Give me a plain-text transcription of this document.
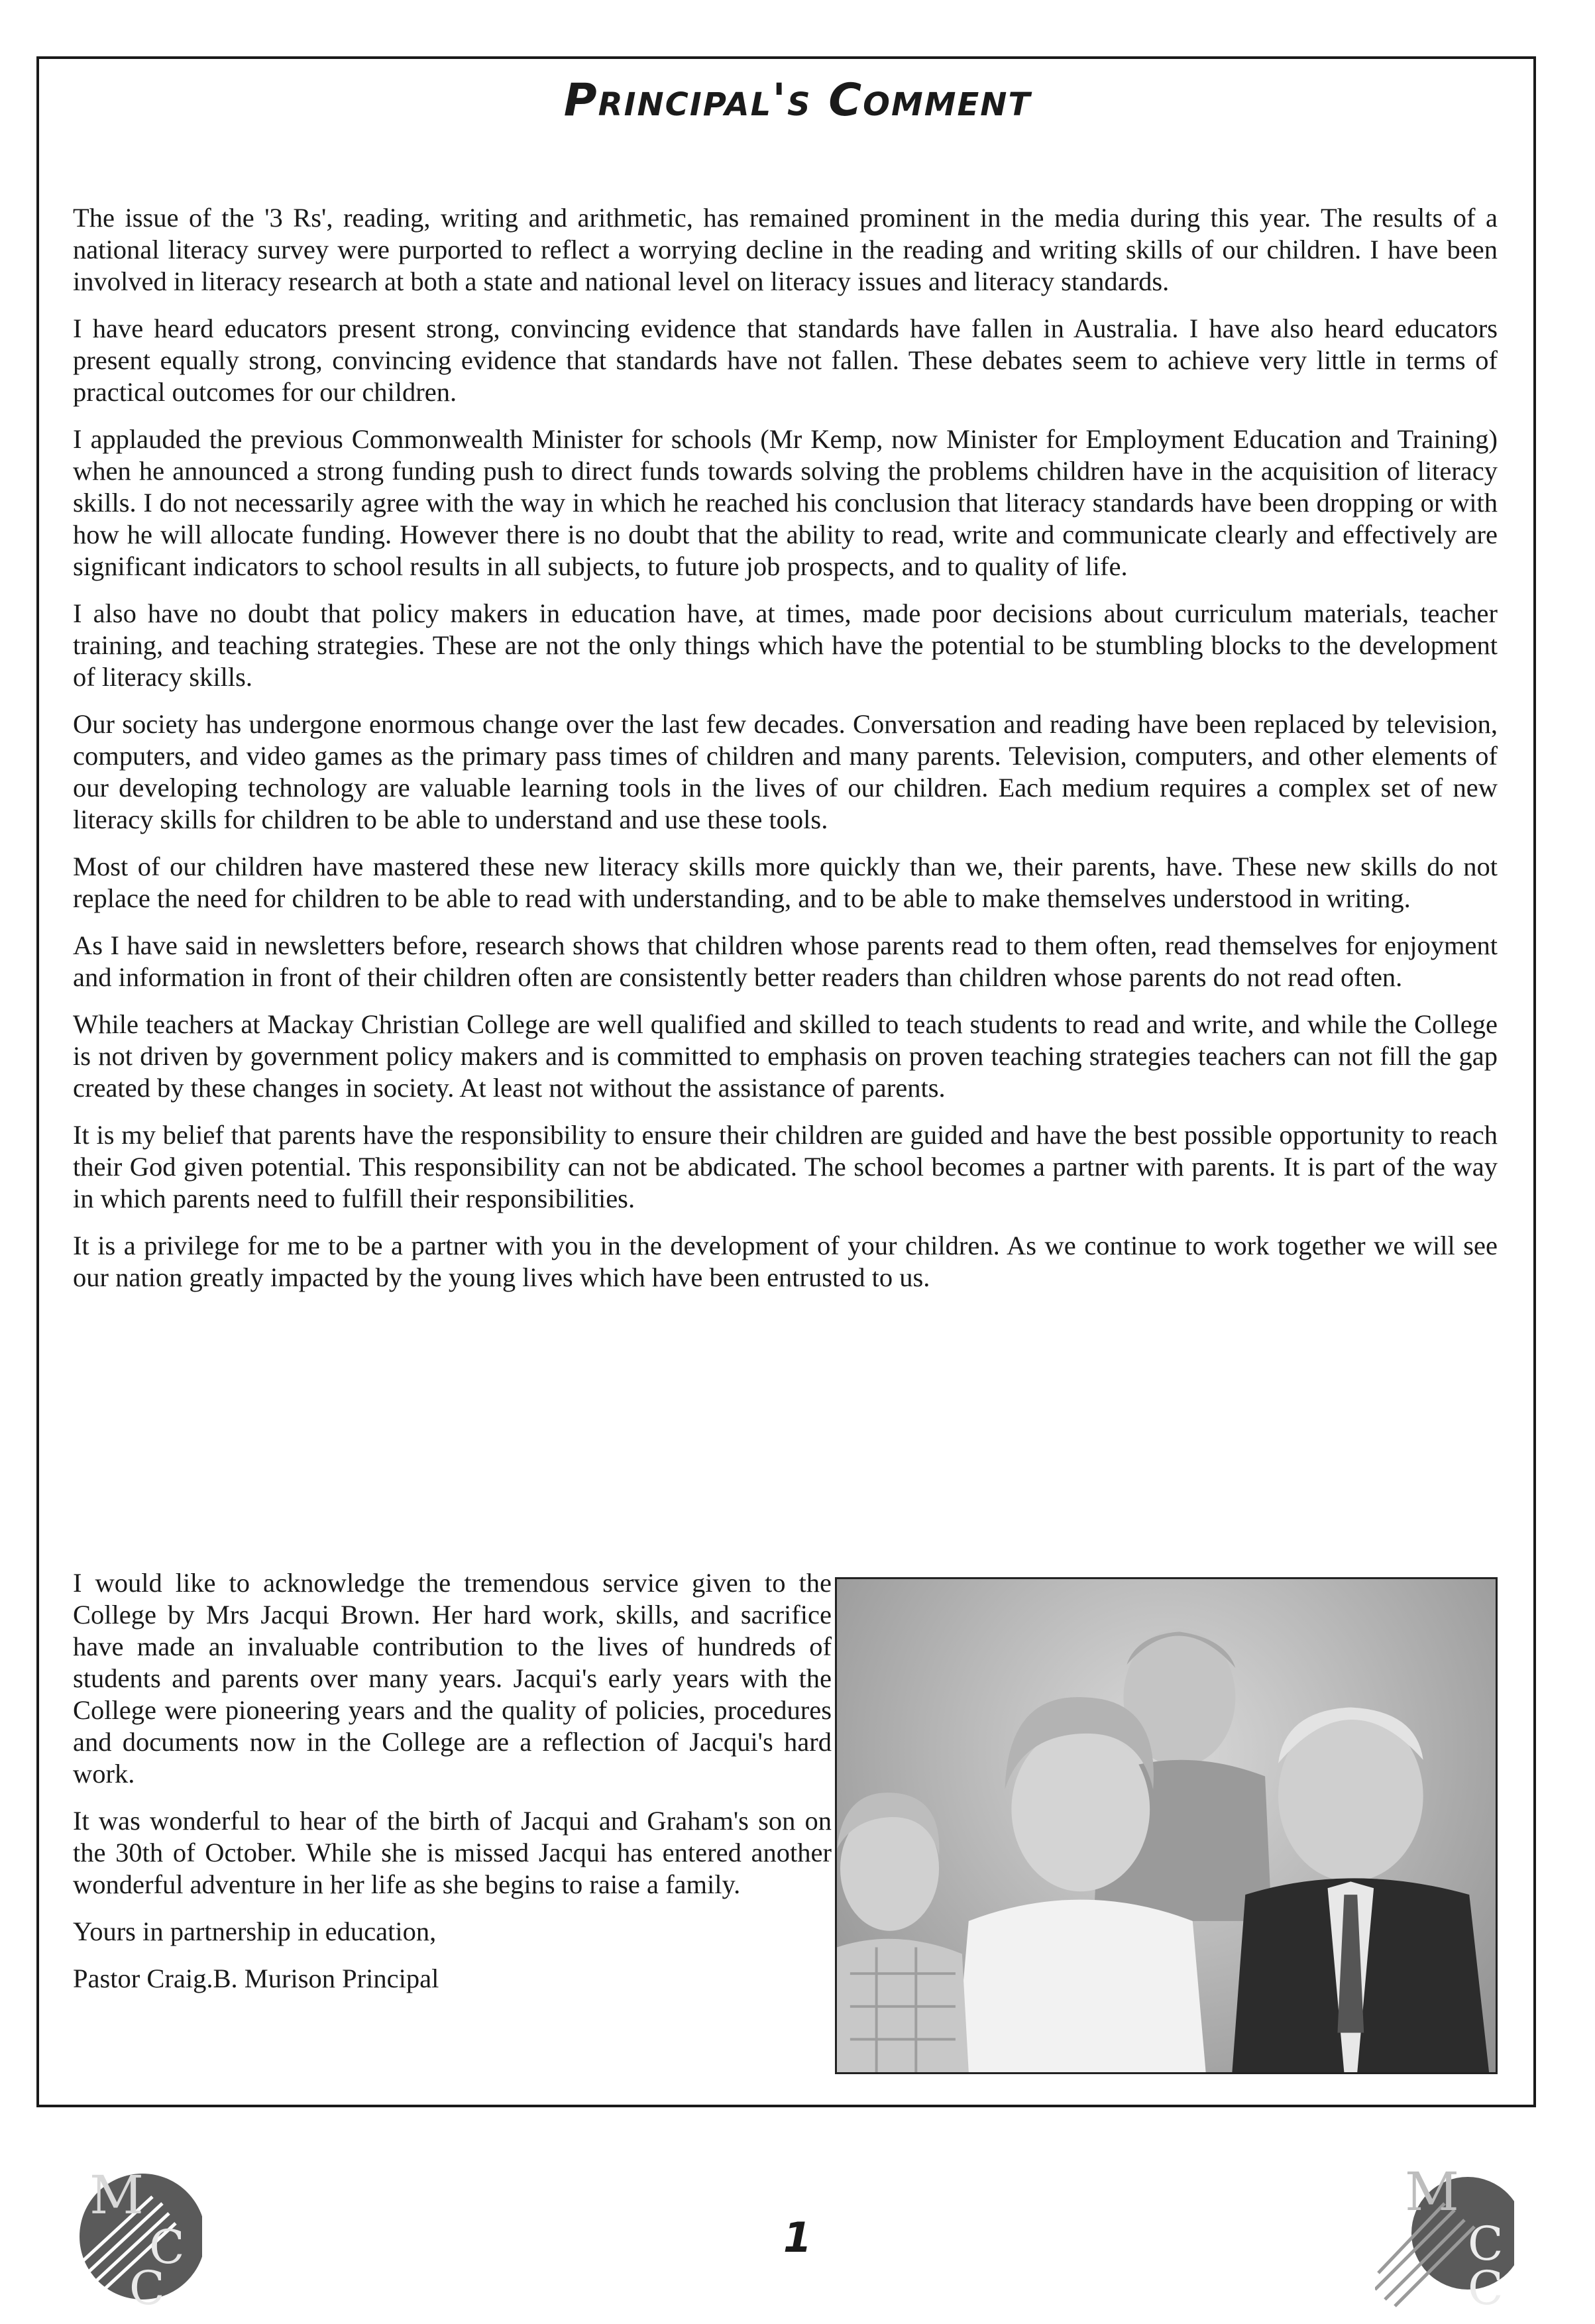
Principal's Comment

The issue of the '3 Rs', reading, writing and arithmetic, has remained prominent in the media during this year. The results of a national literacy survey were purported to reflect a worrying decline in the reading and writing skills of our children. I have been involved in literacy research at both a state and national level on literacy issues and literacy standards.

I have heard educators present strong, convincing evidence that standards have fallen in Australia. I have also heard educators present equally strong, convincing evidence that standards have not fallen. These debates seem to achieve very little in terms of practical outcomes for our children.

I applauded the previous Commonwealth Minister for schools (Mr Kemp, now Minister for Employment Education and Training) when he announced a strong funding push to direct funds towards solving the problems children have in the acquisition of literacy skills. I do not necessarily agree with the way in which he reached his conclusion that literacy standards have been dropping or with how he will allocate funding. However there is no doubt that the ability to read, write and communicate clearly and effectively are significant indicators to school results in all subjects, to future job prospects, and to quality of life.

I also have no doubt that policy makers in education have, at times, made poor decisions about curriculum materials, teacher training, and teaching strategies. These are not the only things which have the potential to be stumbling blocks to the development of literacy skills.

Our society has undergone enormous change over the last few decades. Conversation and reading have been replaced by television, computers, and video games as the primary pass times of children and many parents. Television, computers, and other elements of our developing technology are valuable learning tools in the lives of our children. Each medium requires a complex set of new literacy skills for children to be able to understand and use these tools.

Most of our children have mastered these new literacy skills more quickly than we, their parents, have. These new skills do not replace the need for children to be able to read with understanding, and to be able to make themselves understood in writing.

As I have said in newsletters before, research shows that children whose parents read to them often, read themselves for enjoyment and information in front of their children often are consistently better readers than children whose parents do not read often.

While teachers at Mackay Christian College are well qualified and skilled to teach students to read and write, and while the College is not driven by government policy makers and is committed to emphasis on proven teaching strategies teachers can not fill the gap created by these changes in society. At least not without the assistance of parents.

It is my belief that parents have the responsibility to ensure their children are guided and have the best possible opportunity to reach their God given potential. This responsibility can not be abdicated. The school becomes a partner with parents. It is part of the way in which parents need to fulfill their responsibilities.

It is a privilege for me to be a partner with you in the development of your children. As we continue to work together we will see our nation greatly impacted by the young lives which have been entrusted to us.

I would like to acknowledge the tremendous service given to the College by Mrs Jacqui Brown. Her hard work, skills, and sacrifice have made an invaluable contribution to the lives of hundreds of students and parents over many years. Jacqui's early years with the College were pioneering years and the quality of policies, procedures and documents now in the College are a reflection of Jacqui's hard work.

It was wonderful to hear of the birth of Jacqui and Graham's son on the 30th of October. While she is missed Jacqui has entered another wonderful adventure in her life as she begins to raise a family.

Yours in partnership in education,

Pastor Craig.B. Murison Principal

M
C
C
1
M
C
C
